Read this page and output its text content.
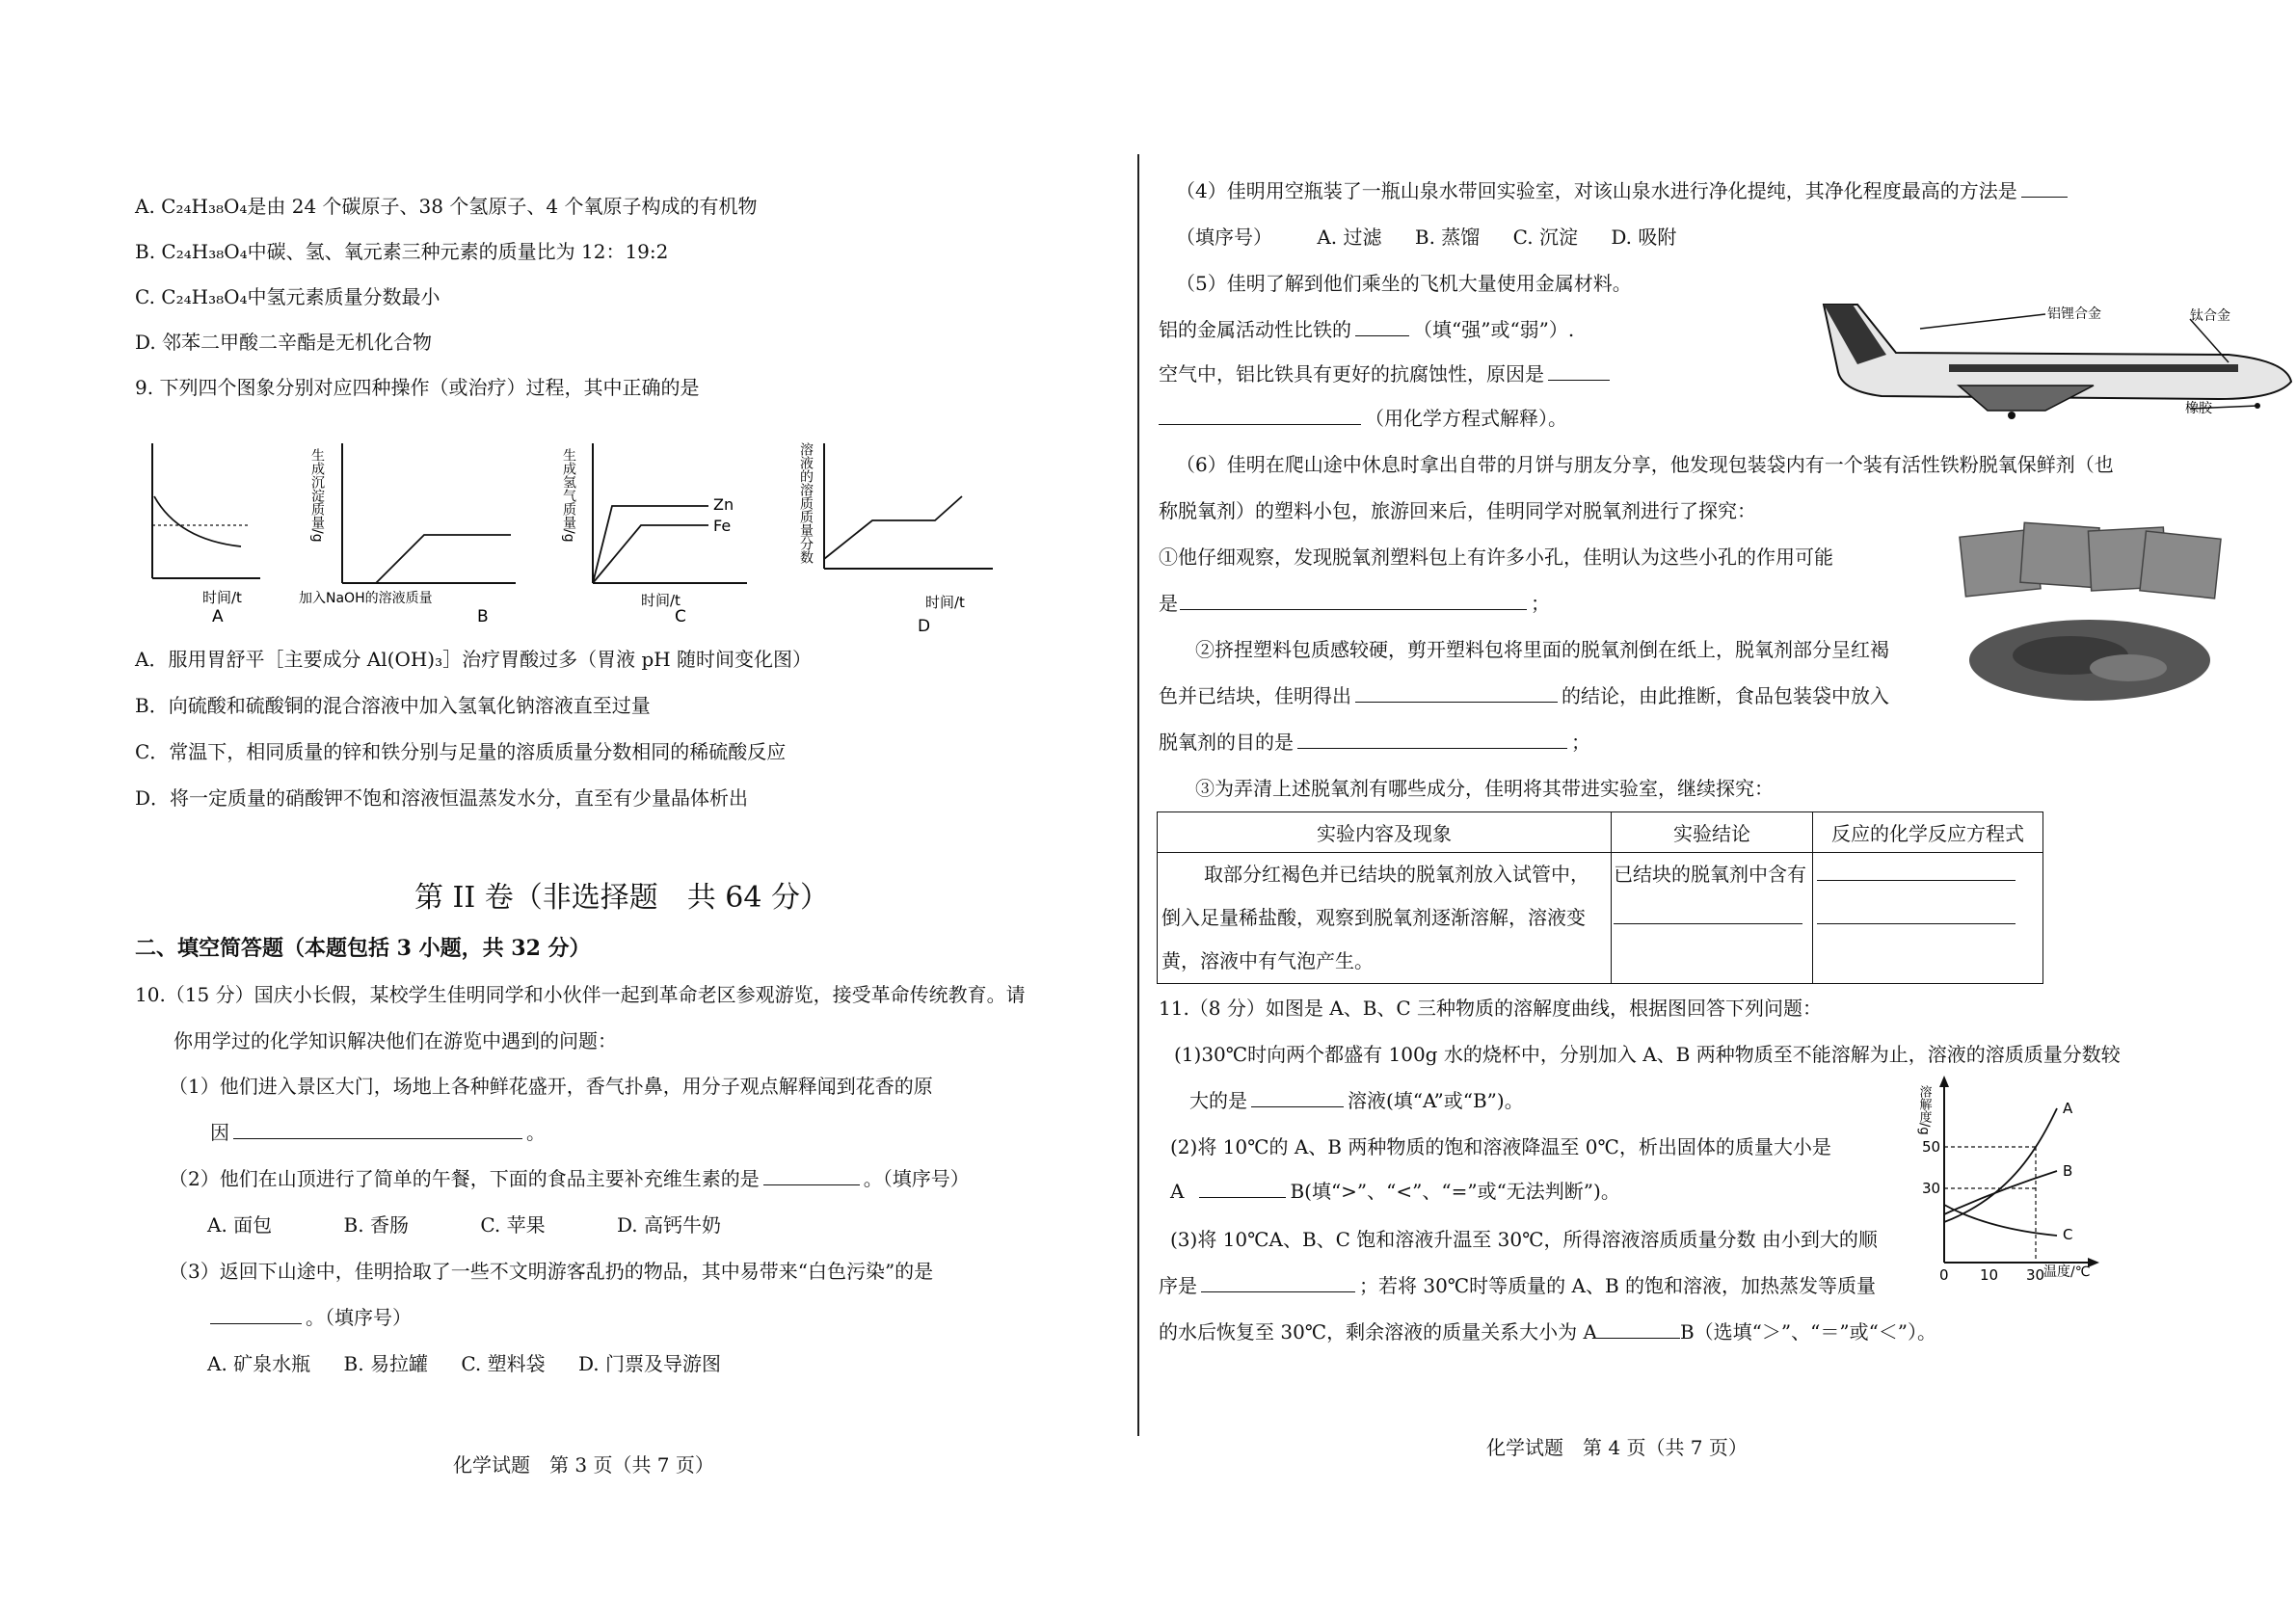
A. C₂₄H₃₈O₄是由 24 个碳原子、38 个氢原子、4 个氧原子构成的有机物
B. C₂₄H₃₈O₄中碳、氢、氧元素三种元素的质量比为 12：19:2
C. C₂₄H₃₈O₄中氢元素质量分数最小
D. 邻苯二甲酸二辛酯是无机化合物
9. 下列四个图象分别对应四种操作（或治疗）过程，其中正确的是
时间/t
A
加入NaOH的溶液质量
B
生成沉淀质量/g	Zn
Fe
时间/t
C
生成氢气质量/g
时间/t
D
溶液的溶质质量分数
A．服用胃舒平［主要成分 Al(OH)₃］治疗胃酸过多（胃液 pH 随时间变化图）
B．向硫酸和硫酸铜的混合溶液中加入氢氧化钠溶液直至过量
C．常温下，相同质量的锌和铁分别与足量的溶质质量分数相同的稀硫酸反应
D．将一定质量的硝酸钾不饱和溶液恒温蒸发水分，直至有少量晶体析出
第 II 卷（非选择题　共 64 分）
二、填空简答题（本题包括 3 小题，共 32 分）
10.（15 分）国庆小长假，某校学生佳明同学和小伙伴一起到革命老区参观游览，接受革命传统教育。请
你用学过的化学知识解决他们在游览中遇到的问题：
（1）他们进入景区大门，场地上各种鲜花盛开，香气扑鼻，用分子观点解释闻到花香的原
因	。
（2）他们在山顶进行了简单的午餐，下面的食品主要补充维生素的是	。（填序号）
A. 面包	B. 香肠	C. 苹果	D. 高钙牛奶
（3）返回下山途中，佳明拾取了一些不文明游客乱扔的物品，其中易带来“白色污染”的是
。（填序号）
A. 矿泉水瓶 B. 易拉罐 C. 塑料袋 D. 门票及导游图
化学试题　第 3 页（共 7 页）
（4）佳明用空瓶装了一瓶山泉水带回实验室，对该山泉水进行净化提纯，其净化程度最高的方法是
（填序号） A. 过滤 B. 蒸馏 C. 沉淀 D. 吸附
（5）佳明了解到他们乘坐的飞机大量使用金属材料。
铝的金属活动性比铁的	（填“强”或“弱”）.
空气中，铝比铁具有更好的抗腐蚀性，原因是
（用化学方程式解释）。
铝锂合金	钛合金
橡胶
（6）佳明在爬山途中休息时拿出自带的月饼与朋友分享，他发现包装袋内有一个装有活性铁粉脱氧保鲜剂（也
称脱氧剂）的塑料小包，旅游回来后，佳明同学对脱氧剂进行了探究：
①他仔细观察，发现脱氧剂塑料包上有许多小孔，佳明认为这些小孔的作用可能
是	；
②挤捏塑料包质感较硬，剪开塑料包将里面的脱氧剂倒在纸上，脱氧剂部分呈红褐
色并已结块，佳明得出	的结论，由此推断，食品包装袋中放入
脱氧剂的目的是	；
③为弄清上述脱氧剂有哪些成分，佳明将其带进实验室，继续探究：
实验内容及现象	实验结论	反应的化学反应方程式

取部分红褐色并已结块的脱氧剂放入试管中，
倒入足量稀盐酸，观察到脱氧剂逐渐溶解，溶液变
黄，溶液中有气泡产生。	已结块的脱氧剂中含有	

11.（8 分）如图是 A、B、C 三种物质的溶解度曲线，根据图回答下列问题：
(1)30℃时向两个都盛有 100g 水的烧杯中，分别加入 A、B 两种物质至不能溶解为止，溶液的溶质质量分数较
大的是	溶液(填“A”或“B”)。
(2)将 10℃的 A、B 两种物质的饱和溶液降温至 0℃，析出固体的质量大小是
A	B(填“>”、“<”、“=”或“无法判断”)。
(3)将 10℃A、B、C 饱和溶液升温至 30℃，所得溶液溶质质量分数 由小到大的顺
序是	；若将 30℃时等质量的 A、B 的饱和溶液，加热蒸发等质量
的水后恢复至 30℃，剩余溶液的质量关系大小为 A	B（选填“＞”、“＝”或“＜”）。
溶解度/g
50
30
A
B
C
0 10 30
温度/℃
化学试题　第 4 页（共 7 页）
